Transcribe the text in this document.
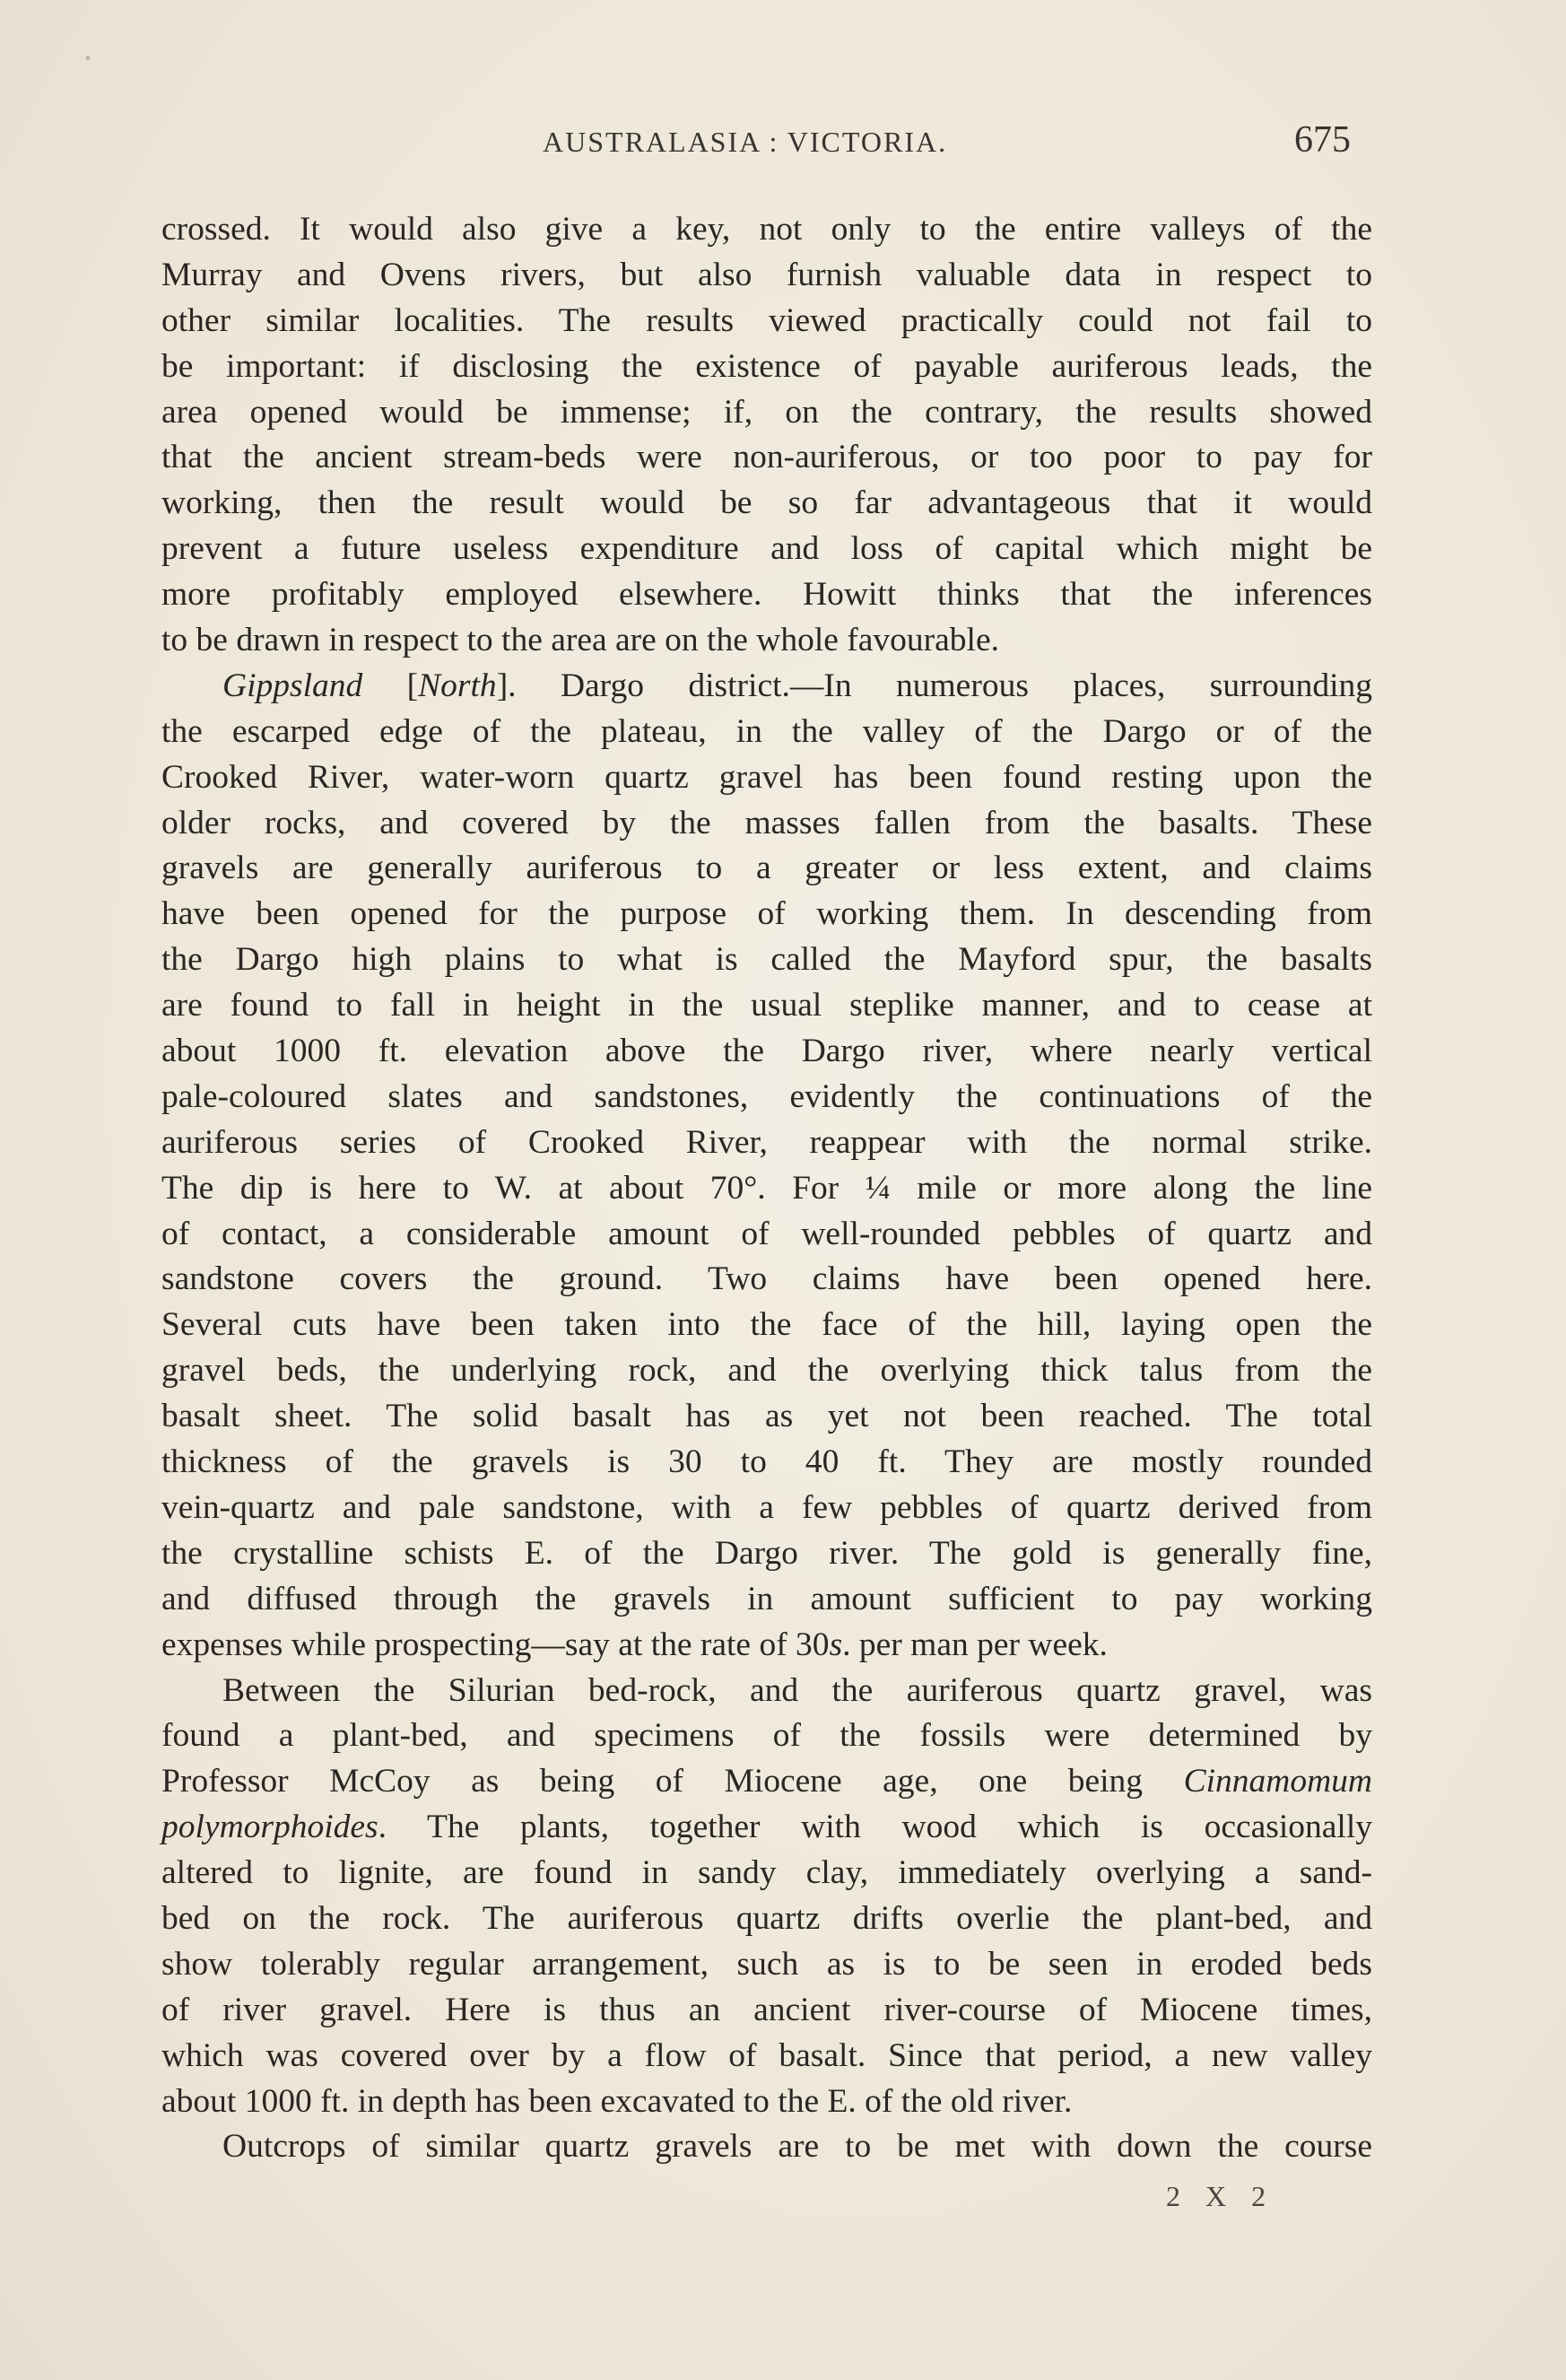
AUSTRALASIA : VICTORIA.	675
crossed. It would also give a key, not only to the entire valleys of the
Murray and Ovens rivers, but also furnish valuable data in respect to
other similar localities. The results viewed practically could not fail to
be important: if disclosing the existence of payable auriferous leads, the
area opened would be immense; if, on the contrary, the results showed
that the ancient stream-beds were non-auriferous, or too poor to pay for
working, then the result would be so far advantageous that it would
prevent a future useless expenditure and loss of capital which might be
more profitably employed elsewhere. Howitt thinks that the inferences
to be drawn in respect to the area are on the whole favourable.
Gippsland [North]. Dargo district.—In numerous places, surrounding
the escarped edge of the plateau, in the valley of the Dargo or of the
Crooked River, water-worn quartz gravel has been found resting upon the
older rocks, and covered by the masses fallen from the basalts. These
gravels are generally auriferous to a greater or less extent, and claims
have been opened for the purpose of working them. In descending from
the Dargo high plains to what is called the Mayford spur, the basalts
are found to fall in height in the usual steplike manner, and to cease at
about 1000 ft. elevation above the Dargo river, where nearly vertical
pale-coloured slates and sandstones, evidently the continuations of the
auriferous series of Crooked River, reappear with the normal strike.
The dip is here to W. at about 70°. For ¼ mile or more along the line
of contact, a considerable amount of well-rounded pebbles of quartz and
sandstone covers the ground. Two claims have been opened here.
Several cuts have been taken into the face of the hill, laying open the
gravel beds, the underlying rock, and the overlying thick talus from the
basalt sheet. The solid basalt has as yet not been reached. The total
thickness of the gravels is 30 to 40 ft. They are mostly rounded
vein-quartz and pale sandstone, with a few pebbles of quartz derived from
the crystalline schists E. of the Dargo river. The gold is generally fine,
and diffused through the gravels in amount sufficient to pay working
expenses while prospecting—say at the rate of 30s. per man per week.
Between the Silurian bed-rock, and the auriferous quartz gravel, was
found a plant-bed, and specimens of the fossils were determined by
Professor McCoy as being of Miocene age, one being Cinnamomum
polymorphoides. The plants, together with wood which is occasionally
altered to lignite, are found in sandy clay, immediately overlying a sand-
bed on the rock. The auriferous quartz drifts overlie the plant-bed, and
show tolerably regular arrangement, such as is to be seen in eroded beds
of river gravel. Here is thus an ancient river-course of Miocene times,
which was covered over by a flow of basalt. Since that period, a new valley
about 1000 ft. in depth has been excavated to the E. of the old river.
Outcrops of similar quartz gravels are to be met with down the course
2 X 2
